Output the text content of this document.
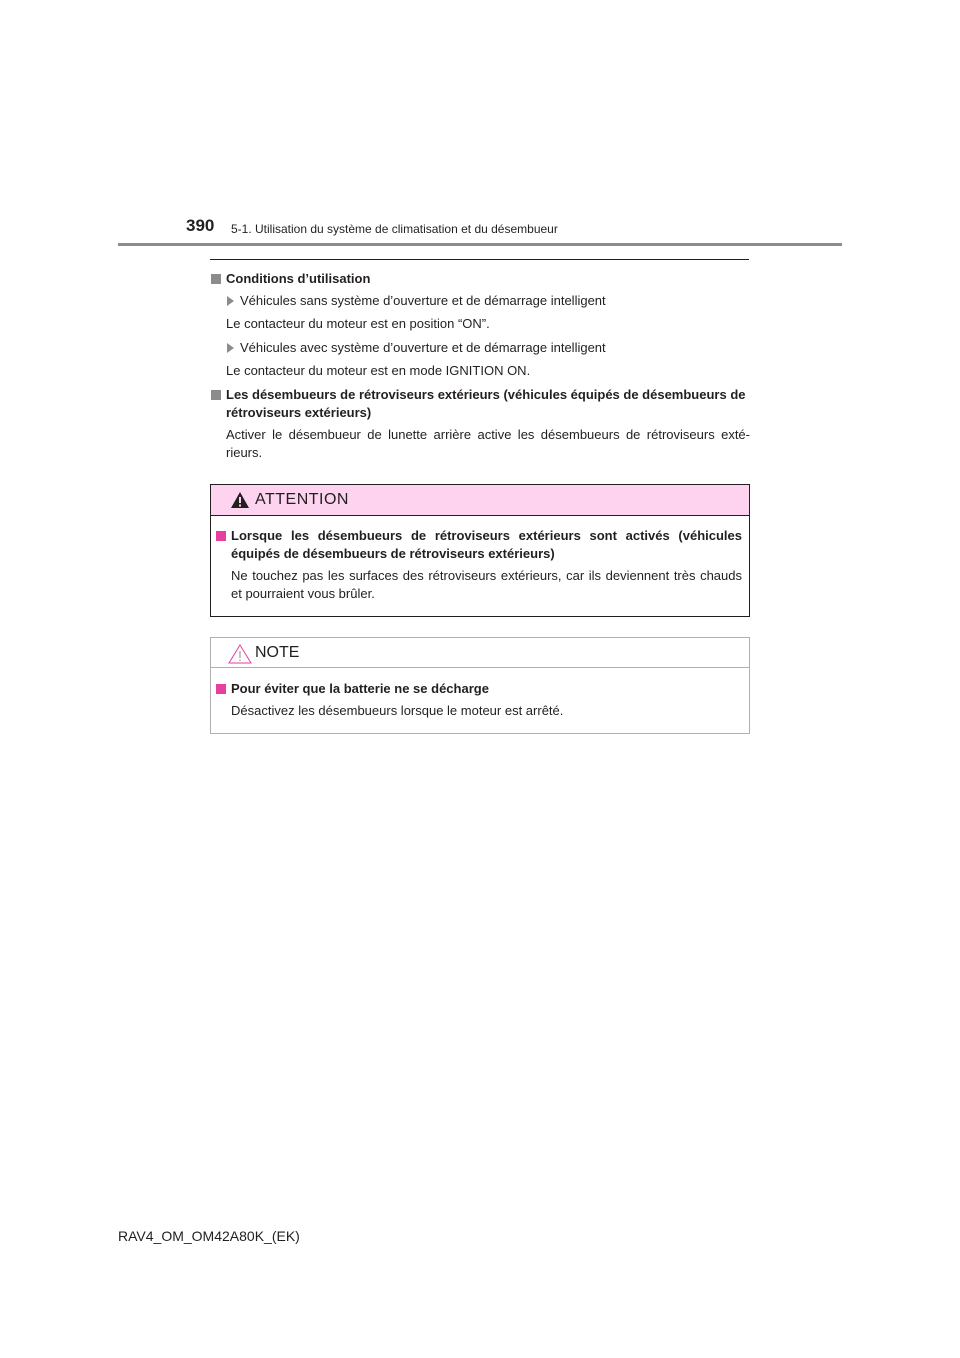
390 5-1. Utilisation du système de climatisation et du désembueur
Conditions d’utilisation
Véhicules sans système d’ouverture et de démarrage intelligent
Le contacteur du moteur est en position “ON”.
Véhicules avec système d’ouverture et de démarrage intelligent
Le contacteur du moteur est en mode IGNITION ON.
Les désembueurs de rétroviseurs extérieurs (véhicules équipés de désembueurs de rétroviseurs extérieurs)
Activer le désembueur de lunette arrière active les désembueurs de rétroviseurs exté-rieurs.
ATTENTION
Lorsque les désembueurs de rétroviseurs extérieurs sont activés (véhicules équipés de désembueurs de rétroviseurs extérieurs)
Ne touchez pas les surfaces des rétroviseurs extérieurs, car ils deviennent très chauds et pourraient vous brûler.
NOTE
Pour éviter que la batterie ne se décharge
Désactivez les désembueurs lorsque le moteur est arrêté.
RAV4_OM_OM42A80K_(EK)
